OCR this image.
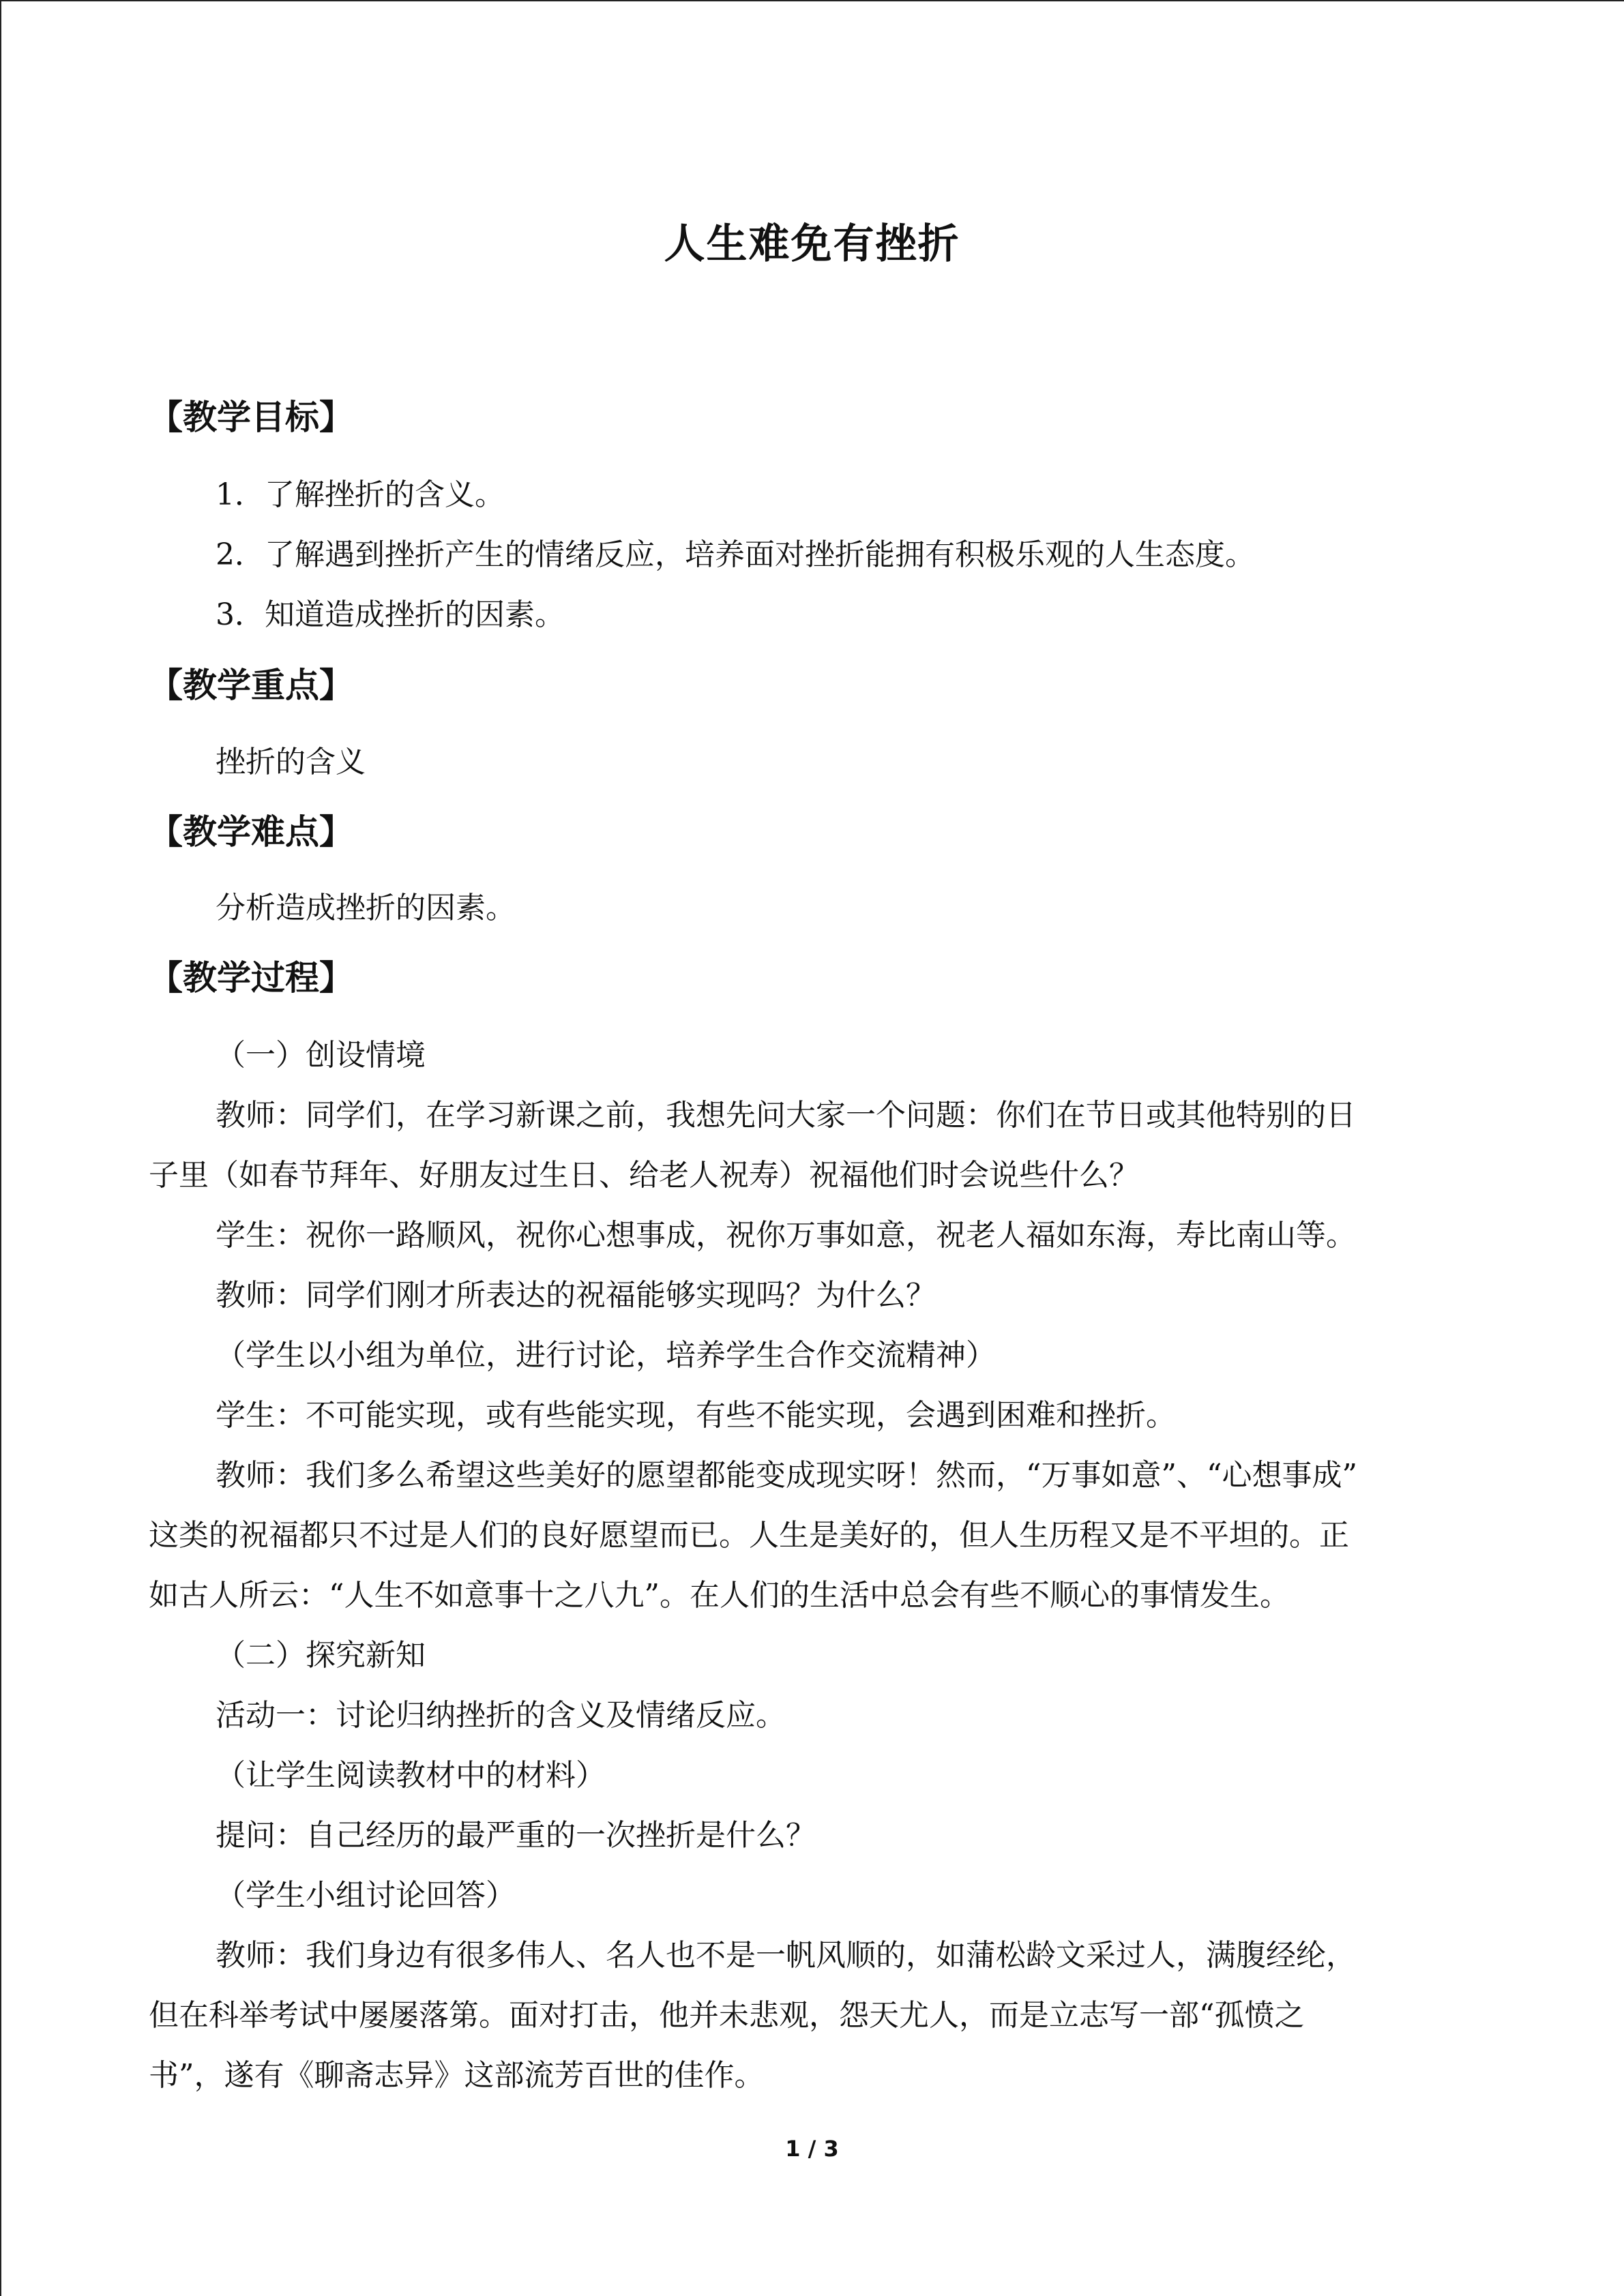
人生难免有挫折
【教学目标】

1．了解挫折的含义。

2．了解遇到挫折产生的情绪反应，培养面对挫折能拥有积极乐观的人生态度。

3．知道造成挫折的因素。

【教学重点】

挫折的含义

【教学难点】

分析造成挫折的因素。

【教学过程】

（一）创设情境

教师：同学们，在学习新课之前，我想先问大家一个问题：你们在节日或其他特别的日

子里（如春节拜年、好朋友过生日、给老人祝寿）祝福他们时会说些什么？

学生：祝你一路顺风，祝你心想事成，祝你万事如意，祝老人福如东海，寿比南山等。

教师：同学们刚才所表达的祝福能够实现吗？为什么？

（学生以小组为单位，进行讨论，培养学生合作交流精神）

学生：不可能实现，或有些能实现，有些不能实现，会遇到困难和挫折。

教师：我们多么希望这些美好的愿望都能变成现实呀！然而，“万事如意”、“心想事成”

这类的祝福都只不过是人们的良好愿望而已。人生是美好的，但人生历程又是不平坦的。正

如古人所云：“人生不如意事十之八九”。在人们的生活中总会有些不顺心的事情发生。

（二）探究新知

活动一：讨论归纳挫折的含义及情绪反应。

（让学生阅读教材中的材料）

提问：自己经历的最严重的一次挫折是什么？

（学生小组讨论回答）

教师：我们身边有很多伟人、名人也不是一帆风顺的，如蒲松龄文采过人，满腹经纶，

但在科举考试中屡屡落第。面对打击，他并未悲观，怨天尤人，而是立志写一部“孤愤之

书”，遂有《聊斋志异》这部流芳百世的佳作。

1 / 3
